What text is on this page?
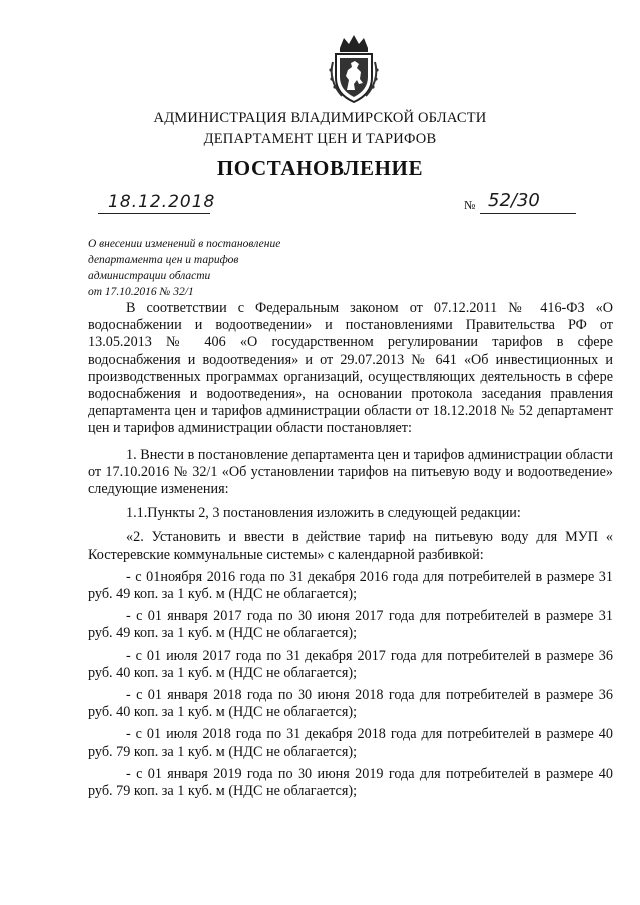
АДМИНИСТРАЦИЯ ВЛАДИМИРСКОЙ ОБЛАСТИ
ДЕПАРТАМЕНТ ЦЕН И ТАРИФОВ
ПОСТАНОВЛЕНИЕ
18.12.2018	№ 52/30
О внесении изменений в постановление
департамента цен и тарифов
администрации области
от 17.10.2016 № 32/1

В соответствии с Федеральным законом от 07.12.2011 № 416-ФЗ «О водоснабжении и водоотведении» и постановлениями Правительства РФ от 13.05.2013 № 406 «О государственном регулировании тарифов в сфере водоснабжения и водоотведения» и от 29.07.2013 № 641 «Об инвестиционных и производственных программах организаций, осуществляющих деятельность в сфере водоснабжения и водоотведения», на основании протокола заседания правления департамента цен и тарифов администрации области от 18.12.2018 № 52 департамент цен и тарифов администрации области постановляет:

1. Внести в постановление департамента цен и тарифов администрации области от 17.10.2016 № 32/1 «Об установлении тарифов на питьевую воду и водоотведение» следующие изменения:

1.1.Пункты 2, 3 постановления изложить в следующей редакции:

«2. Установить и ввести в действие тариф на питьевую воду для МУП « Костеревские коммунальные системы» с календарной разбивкой:

- с 01ноября 2016 года по 31 декабря 2016 года для потребителей в размере 31 руб. 49 коп. за 1 куб. м (НДС не облагается);

- с 01 января 2017 года по 30 июня 2017 года для потребителей в размере 31 руб. 49 коп. за 1 куб. м (НДС не облагается);

- с 01 июля 2017 года по 31 декабря 2017 года для потребителей в размере 36 руб. 40 коп. за 1 куб. м (НДС не облагается);

- с 01 января 2018 года по 30 июня 2018 года для потребителей в размере 36 руб. 40 коп. за 1 куб. м (НДС не облагается);

- с 01 июля 2018 года по 31 декабря 2018 года для потребителей в размере 40 руб. 79 коп. за 1 куб. м (НДС не облагается);

- с 01 января 2019 года по 30 июня 2019 года для потребителей в размере 40 руб. 79 коп. за 1 куб. м (НДС не облагается);
